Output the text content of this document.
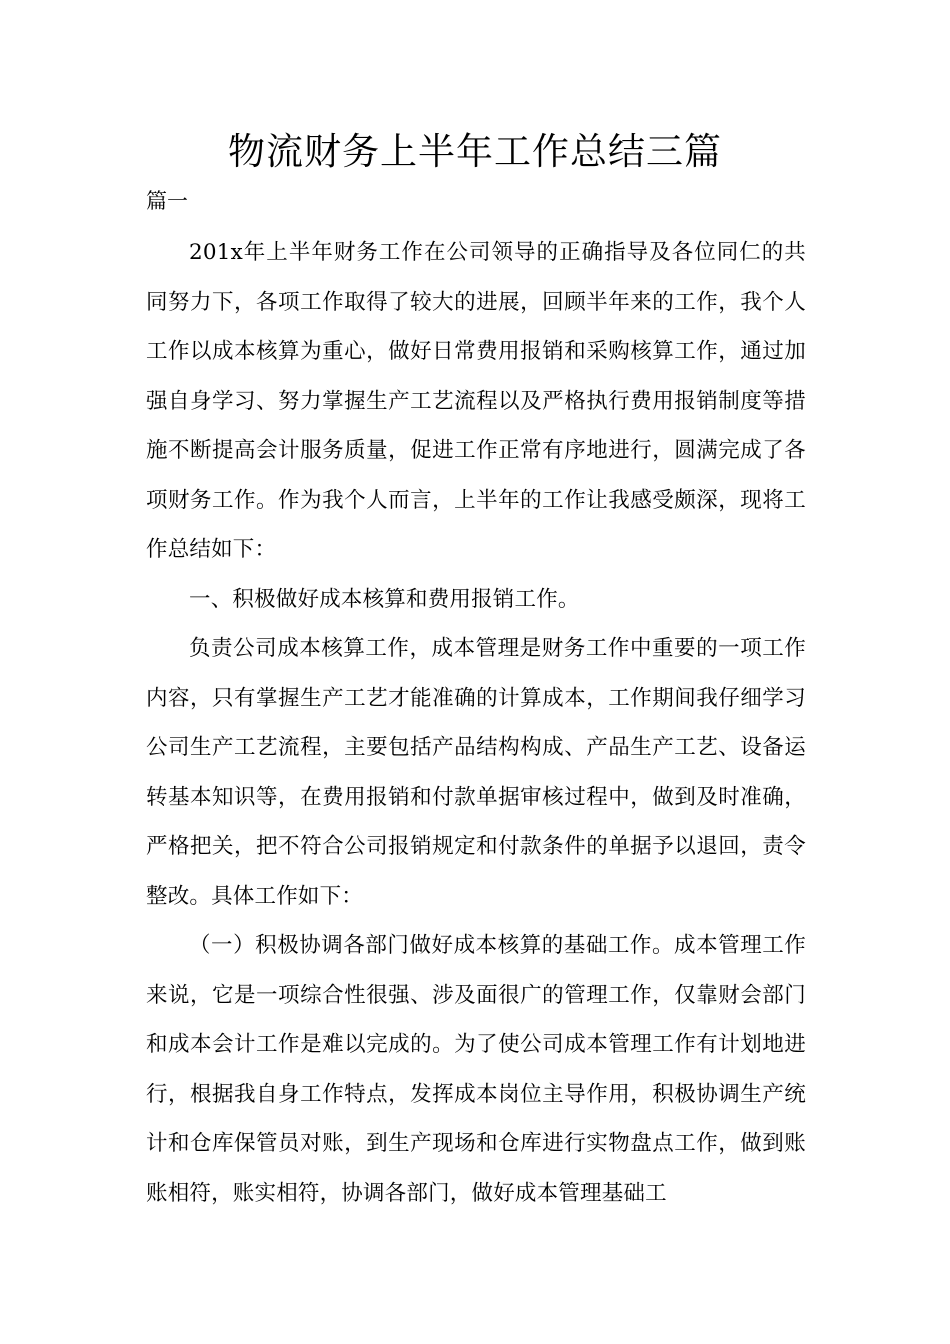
物流财务上半年工作总结三篇

篇一

201x年上半年财务工作在公司领导的正确指导及各位同仁的共同努力下，各项工作取得了较大的进展，回顾半年来的工作，我个人工作以成本核算为重心，做好日常费用报销和采购核算工作，通过加强自身学习、努力掌握生产工艺流程以及严格执行费用报销制度等措施不断提高会计服务质量，促进工作正常有序地进行，圆满完成了各项财务工作。作为我个人而言，上半年的工作让我感受颇深，现将工作总结如下：

一、积极做好成本核算和费用报销工作。

负责公司成本核算工作，成本管理是财务工作中重要的一项工作内容，只有掌握生产工艺才能准确的计算成本，工作期间我仔细学习公司生产工艺流程，主要包括产品结构构成、产品生产工艺、设备运转基本知识等，在费用报销和付款单据审核过程中，做到及时准确，严格把关，把不符合公司报销规定和付款条件的单据予以退回，责令整改。具体工作如下：

（一）积极协调各部门做好成本核算的基础工作。成本管理工作来说，它是一项综合性很强、涉及面很广的管理工作，仅靠财会部门和成本会计工作是难以完成的。为了使公司成本管理工作有计划地进行，根据我自身工作特点，发挥成本岗位主导作用，积极协调生产统计和仓库保管员对账，到生产现场和仓库进行实物盘点工作，做到账账相符，账实相符，协调各部门，做好成本管理基础工
